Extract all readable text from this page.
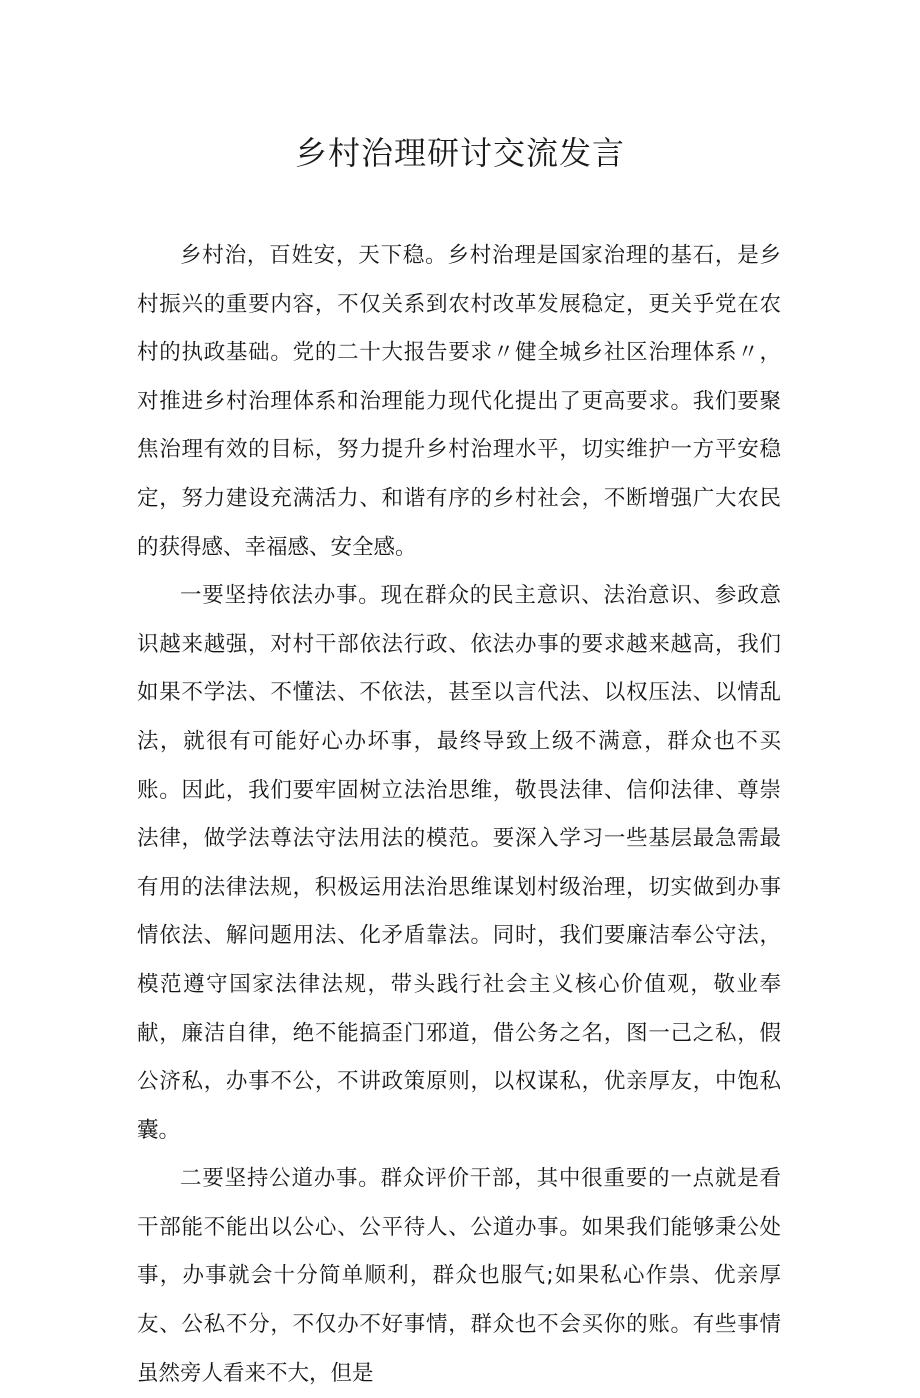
乡村治理研讨交流发言

乡村治，百姓安，天下稳。乡村治理是国家治理的基石，是乡村振兴的重要内容，不仅关系到农村改革发展稳定，更关乎党在农村的执政基础。党的二十大报告要求〃健全城乡社区治理体系〃，对推进乡村治理体系和治理能力现代化提出了更高要求。我们要聚焦治理有效的目标，努力提升乡村治理水平，切实维护一方平安稳定，努力建设充满活力、和谐有序的乡村社会，不断增强广大农民的获得感、幸福感、安全感。

一要坚持依法办事。现在群众的民主意识、法治意识、参政意识越来越强，对村干部依法行政、依法办事的要求越来越高，我们如果不学法、不懂法、不依法，甚至以言代法、以权压法、以情乱法，就很有可能好心办坏事，最终导致上级不满意，群众也不买账。因此，我们要牢固树立法治思维，敬畏法律、信仰法律、尊崇法律，做学法尊法守法用法的模范。要深入学习一些基层最急需最有用的法律法规，积极运用法治思维谋划村级治理，切实做到办事情依法、解问题用法、化矛盾靠法。同时，我们要廉洁奉公守法，模范遵守国家法律法规，带头践行社会主义核心价值观，敬业奉献，廉洁自律，绝不能搞歪门邪道，借公务之名，图一己之私，假公济私，办事不公，不讲政策原则，以权谋私，优亲厚友，中饱私囊。

二要坚持公道办事。群众评价干部，其中很重要的一点就是看干部能不能出以公心、公平待人、公道办事。如果我们能够秉公处事，办事就会十分简单顺利，群众也服气;如果私心作祟、优亲厚友、公私不分，不仅办不好事情，群众也不会买你的账。有些事情虽然旁人看来不大，但是
